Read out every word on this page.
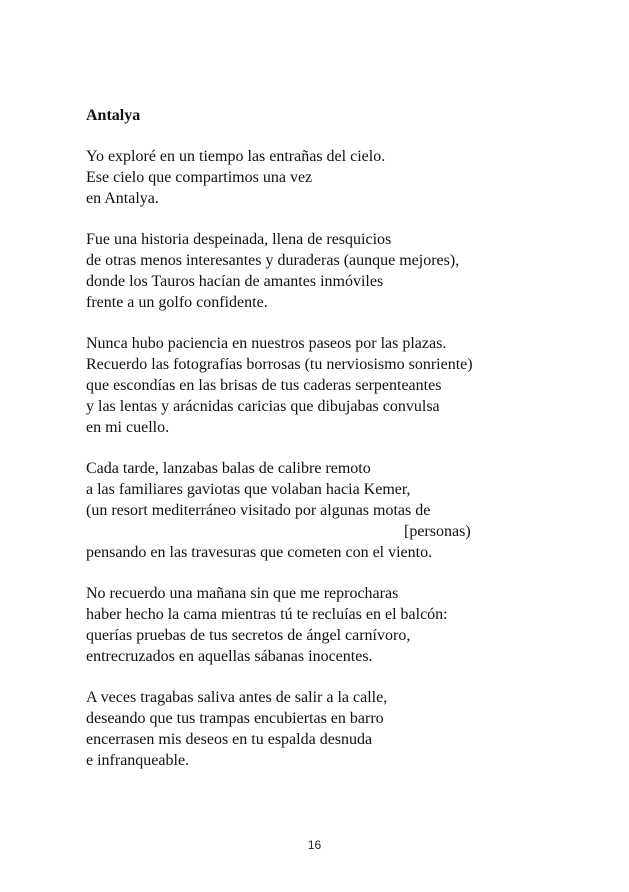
Antalya
Yo exploré en un tiempo las entrañas del cielo.
Ese cielo que compartimos una vez
en Antalya.
Fue una historia despeinada, llena de resquicios
de otras menos interesantes y duraderas (aunque mejores),
donde los Tauros hacían de amantes inmóviles
frente a un golfo confidente.
Nunca hubo paciencia en nuestros paseos por las plazas.
Recuerdo las fotografías borrosas (tu nerviosismo sonriente)
que escondías en las brisas de tus caderas serpenteantes
y las lentas y arácnidas caricias que dibujabas convulsa
en mi cuello.
Cada tarde, lanzabas balas de calibre remoto
a las familiares gaviotas que volaban hacia Kemer,
(un resort mediterráneo visitado por algunas motas de
[personas)
pensando en las travesuras que cometen con el viento.
No recuerdo una mañana sin que me reprocharas
haber hecho la cama mientras tú te recluías en el balcón:
querías pruebas de tus secretos de ángel carnívoro,
entrecruzados en aquellas sábanas inocentes.
A veces tragabas saliva antes de salir a la calle,
deseando que tus trampas encubiertas en barro
encerrasen mis deseos en tu espalda desnuda
e infranqueable.
16
